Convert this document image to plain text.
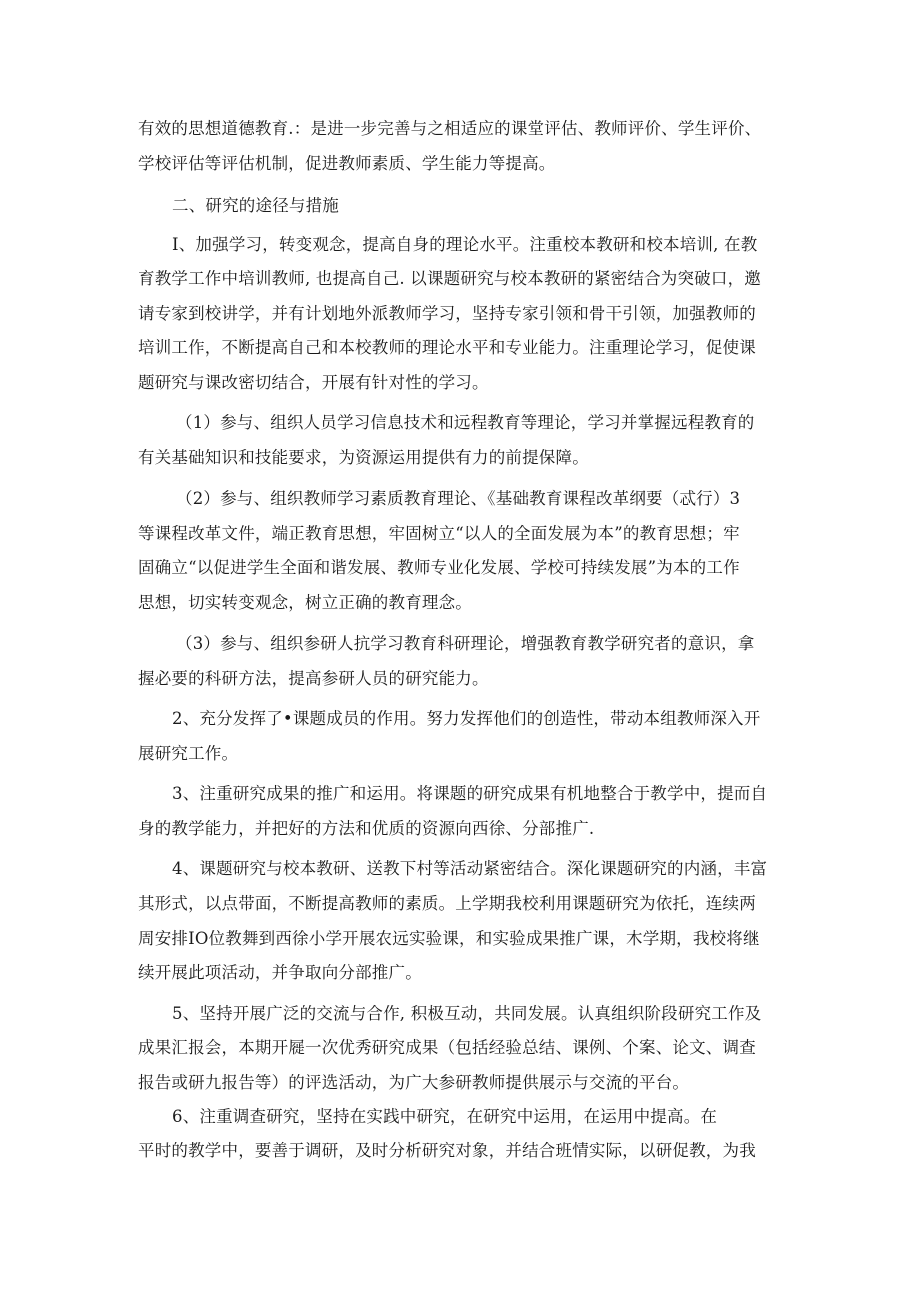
有效的思想道德教育.：是进一步完善与之相适应的课堂评估、教师评价、学生评价、
学校评估等评估机制，促进教师素质、学生能力等提高。
二、研究的途径与措施
I、加强学习，转变观念，提高自身的理论水平。注重校本教研和校本培训, 在教
育教学工作中培训教师, 也提高自己. 以课题研究与校本教研的紧密结合为突破口，邀
请专家到校讲学，并有计划地外派教师学习，坚持专家引领和骨干引领，加强教师的
培训工作，不断提高自己和本校教师的理论水平和专业能力。注重理论学习，促使课
题研究与课改密切结合，开展有针对性的学习。
（1）参与、组织人员学习信息技术和远程教育等理论，学习并掌握远程教育的
有关基础知识和技能要求，为资源运用提供有力的前提保障。
（2）参与、组织教师学习素质教育理论、《基础教育课程改革纲要（忒行）3
等课程改革文件，端正教育思想，牢固树立“以人的全面发展为本”的教育思想；牢
固确立“以促进学生全面和谐发展、教师专业化发展、学校可持续发展”为本的工作
思想，切实转变观念，树立正确的教育理念。
（3）参与、组织参研人抗学习教育科研理论，增强教育教学研究者的意识，拿
握必要的科研方法，提高参研人员的研究能力。
2、充分发挥了•课题成员的作用。努力发挥他们的创造性，带动本组教师深入开
展研究工作。
3、注重研究成果的推广和运用。将课题的研究成果有机地整合于教学中，提而自
身的教学能力，并把好的方法和优质的资源向西徐、分部推广.
4、课题研究与校本教研、送教下村等活动紧密结合。深化课题研究的内涵，丰富
其形式，以点带面，不断提高教师的素质。上学期我校利用课题研究为依托，连续两
周安排IO位教舞到西徐小学开展农远实验课，和实验成果推广课，木学期，我校将继
续开展此项活动，并争取向分部推广。
5、坚持开展广泛的交流与合作, 积极互动，共同发展。认真组织阶段研究工作及
成果汇报会，本期开屣一次优秀研究成果（包括经验总结、课例、个案、论文、调查
报告或研九报告等）的评选活动，为广大参研教师提供展示与交流的平台。
6、注重调查研究，坚持在实践中研究，在研究中运用，在运用中提高。在
平时的教学中，要善于调研，及时分析研究对象，并结合班情实际，以研促教，为我
